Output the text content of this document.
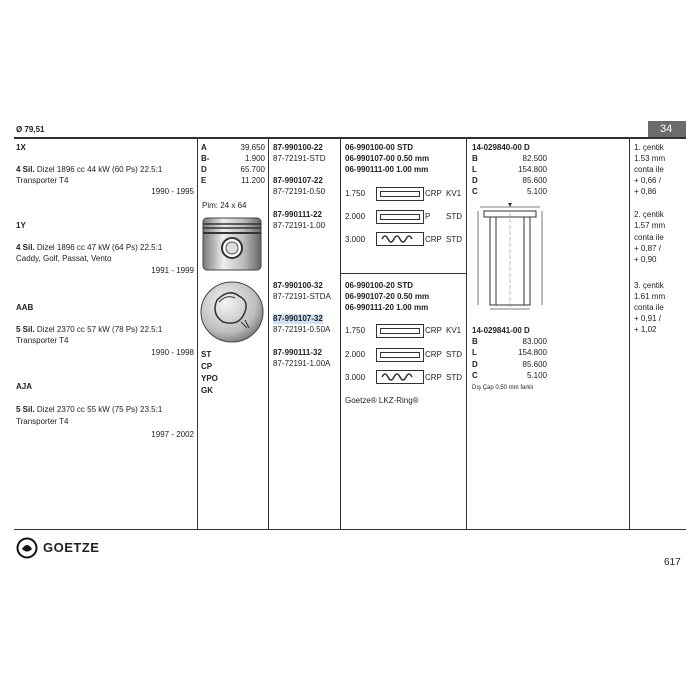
Ø 79,51	34
1X
4 Sil. Dizel 1896 cc 44 kW (60 Ps) 22.5:1
Transporter T4
1990 - 1995
1Y
4 Sil. Dizel 1896 cc 47 kW (64 Ps) 22.5:1
Caddy, Golf, Passat, Vento
1991 - 1999
AAB
5 Sil. Dizel 2370 cc 57 kW (78 Ps) 22.5:1
Transporter T4
1990 - 1998
AJA
5 Sil. Dizel 2370 cc 55 kW (75 Ps) 23.5:1
Transporter T4
1997 - 2002
A	39.650
B-	1.900
D	65.700
E	11.200
Pim: 24 x 64
ST
CP
YPO
GK
87-990100-22
87-72191-STD
87-990107-22
87-72191-0.50
87-990111-22
87-72191-1.00
87-990100-32
87-72191-STDA
87-990107-32
87-72191-0.50A
87-990111-32
87-72191-1.00A
06-990100-00 STD
06-990107-00 0.50 mm
06-990111-00 1.00 mm
1.750	CRP KV1
2.000	P STD
3.000	CRP STD
06-990100-20 STD
06-990107-20 0.50 mm
06-990111-20 1.00 mm
1.750	CRP KV1
2.000	CRP STD
3.000	CRP STD
Goetze® LKZ-Ring®
14-029840-00 D
B	82.500
L	154.800
D	85.600
C	5.100
14-029841-00 D
B	83.000
L	154.800
D	85.600
C	5.100
Dış Çap 0.50 mm farklı
1. çentik
1.53 mm
conta ile
+ 0,66 /
+ 0,86
2. çentik
1.57 mm
conta ile
+ 0,87 /
+ 0,90
3. çentik
1.61 mm
conta ile
+ 0,91 /
+ 1,02
GOETZE
617
